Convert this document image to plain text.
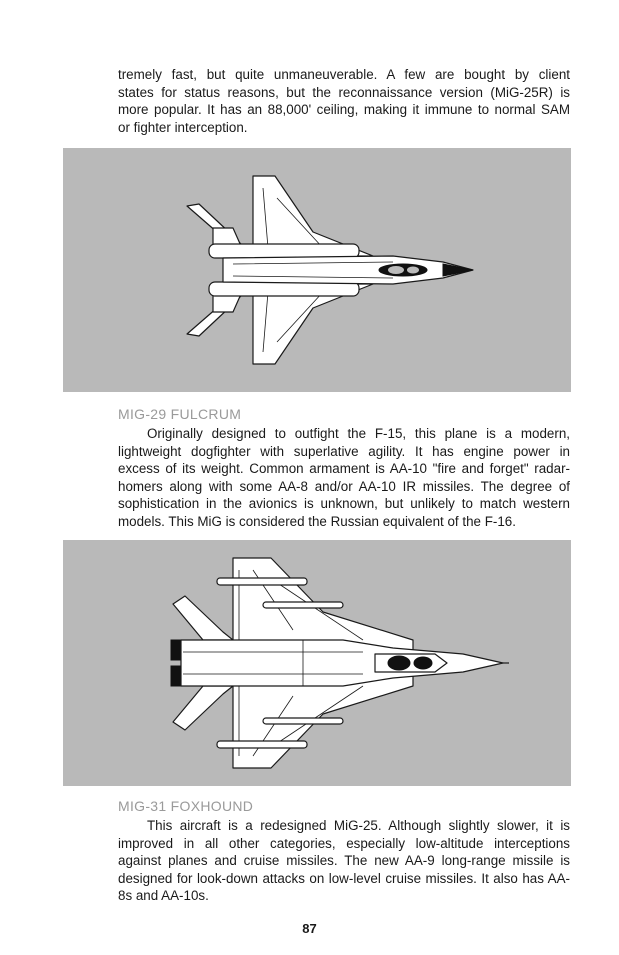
tremely fast, but quite unmaneuverable. A few are bought by client
states for status reasons, but the reconnaissance version (MiG-25R) is
more popular. It has an 88,000' ceiling, making it immune to normal SAM
or fighter interception.
MIG-29 FULCRUM
Originally designed to outfight the F-15, this plane is a modern,
lightweight dogfighter with superlative agility. It has engine power in
excess of its weight. Common armament is AA-10 "fire and forget" radar-
homers along with some AA-8 and/or AA-10 IR missiles. The degree of
sophistication in the avionics is unknown, but unlikely to match western
models. This MiG is considered the Russian equivalent of the F-16.
MIG-31 FOXHOUND
This aircraft is a redesigned MiG-25. Although slightly slower, it is
improved in all other categories, especially low-altitude interceptions
against planes and cruise missiles. The new AA-9 long-range missile is
designed for look-down attacks on low-level cruise missiles. It also has AA-
8s and AA-10s.
87
